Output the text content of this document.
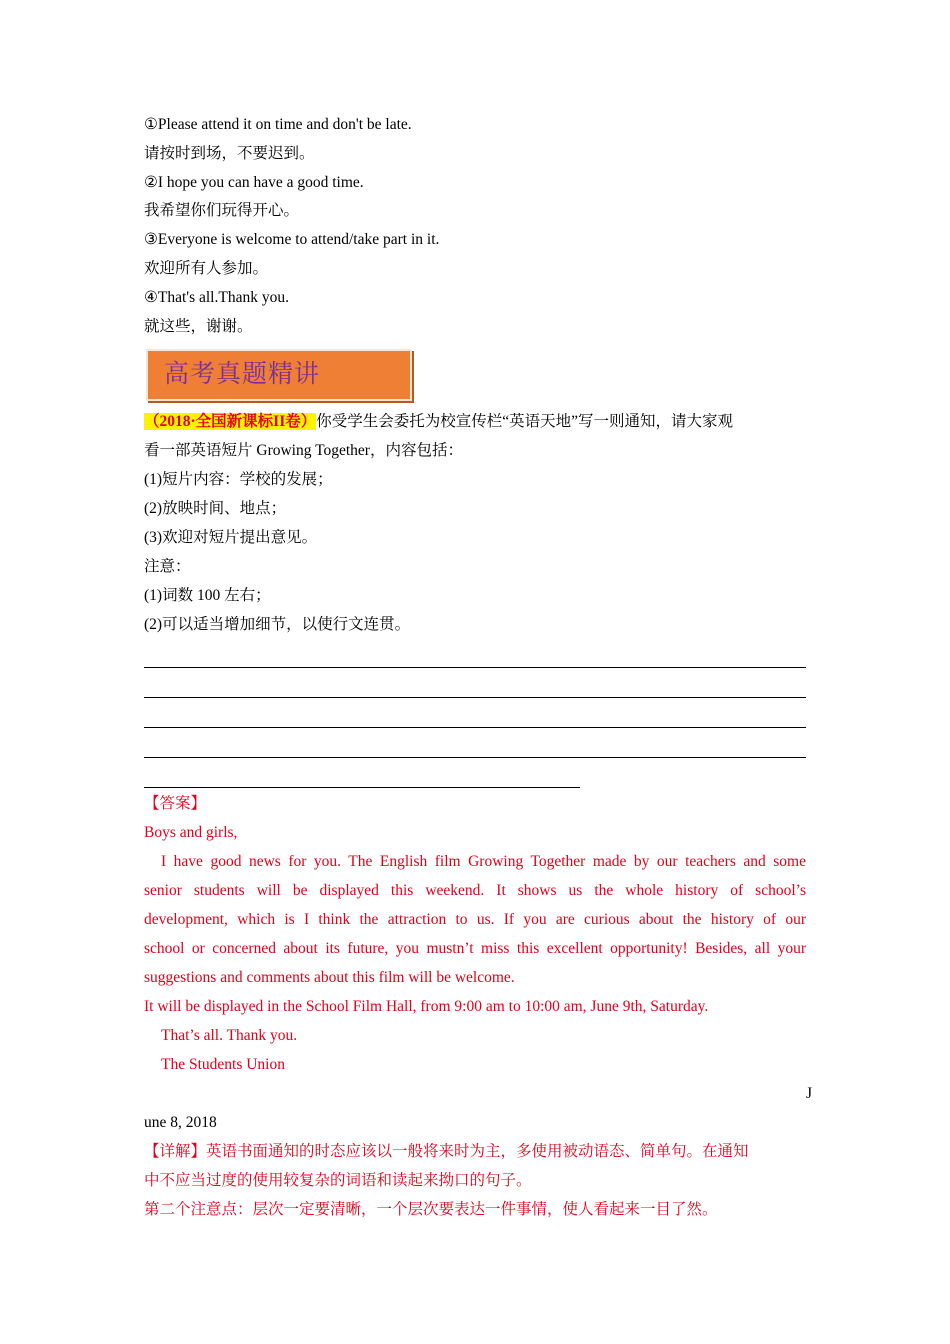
①Please attend it on time and don't be late.
请按时到场，不要迟到。
②I hope you can have a good time.
我希望你们玩得开心。
③Everyone is welcome to attend/take part in it.
欢迎所有人参加。
④That's all.Thank you.
就这些，谢谢。
高考真题精讲
（2018·全国新课标II卷）你受学生会委托为校宣传栏“英语天地”写一则通知，请大家观
看一部英语短片 Growing Together，内容包括：
(1)短片内容：学校的发展；
(2)放映时间、地点；
(3)欢迎对短片提出意见。
注意：
(1)词数 100 左右；
(2)可以适当增加细节，以使行文连贯。
【答案】
Boys and girls,
I have good news for you. The English film Growing Together made by our teachers and some
senior students will be displayed this weekend. It shows us the whole history of school’s
development, which is I think the attraction to us. If you are curious about the history of our
school or concerned about its future, you mustn’t miss this excellent opportunity! Besides, all your
suggestions and comments about this film will be welcome.
It will be displayed in the School Film Hall, from 9:00 am to 10:00 am, June 9th, Saturday.
That’s all. Thank you.
The Students Union
J
une 8, 2018
【详解】英语书面通知的时态应该以一般将来时为主，多使用被动语态、简单句。在通知
中不应当过度的使用较复杂的词语和读起来拗口的句子。
第二个注意点：层次一定要清晰，一个层次要表达一件事情，使人看起来一目了然。
